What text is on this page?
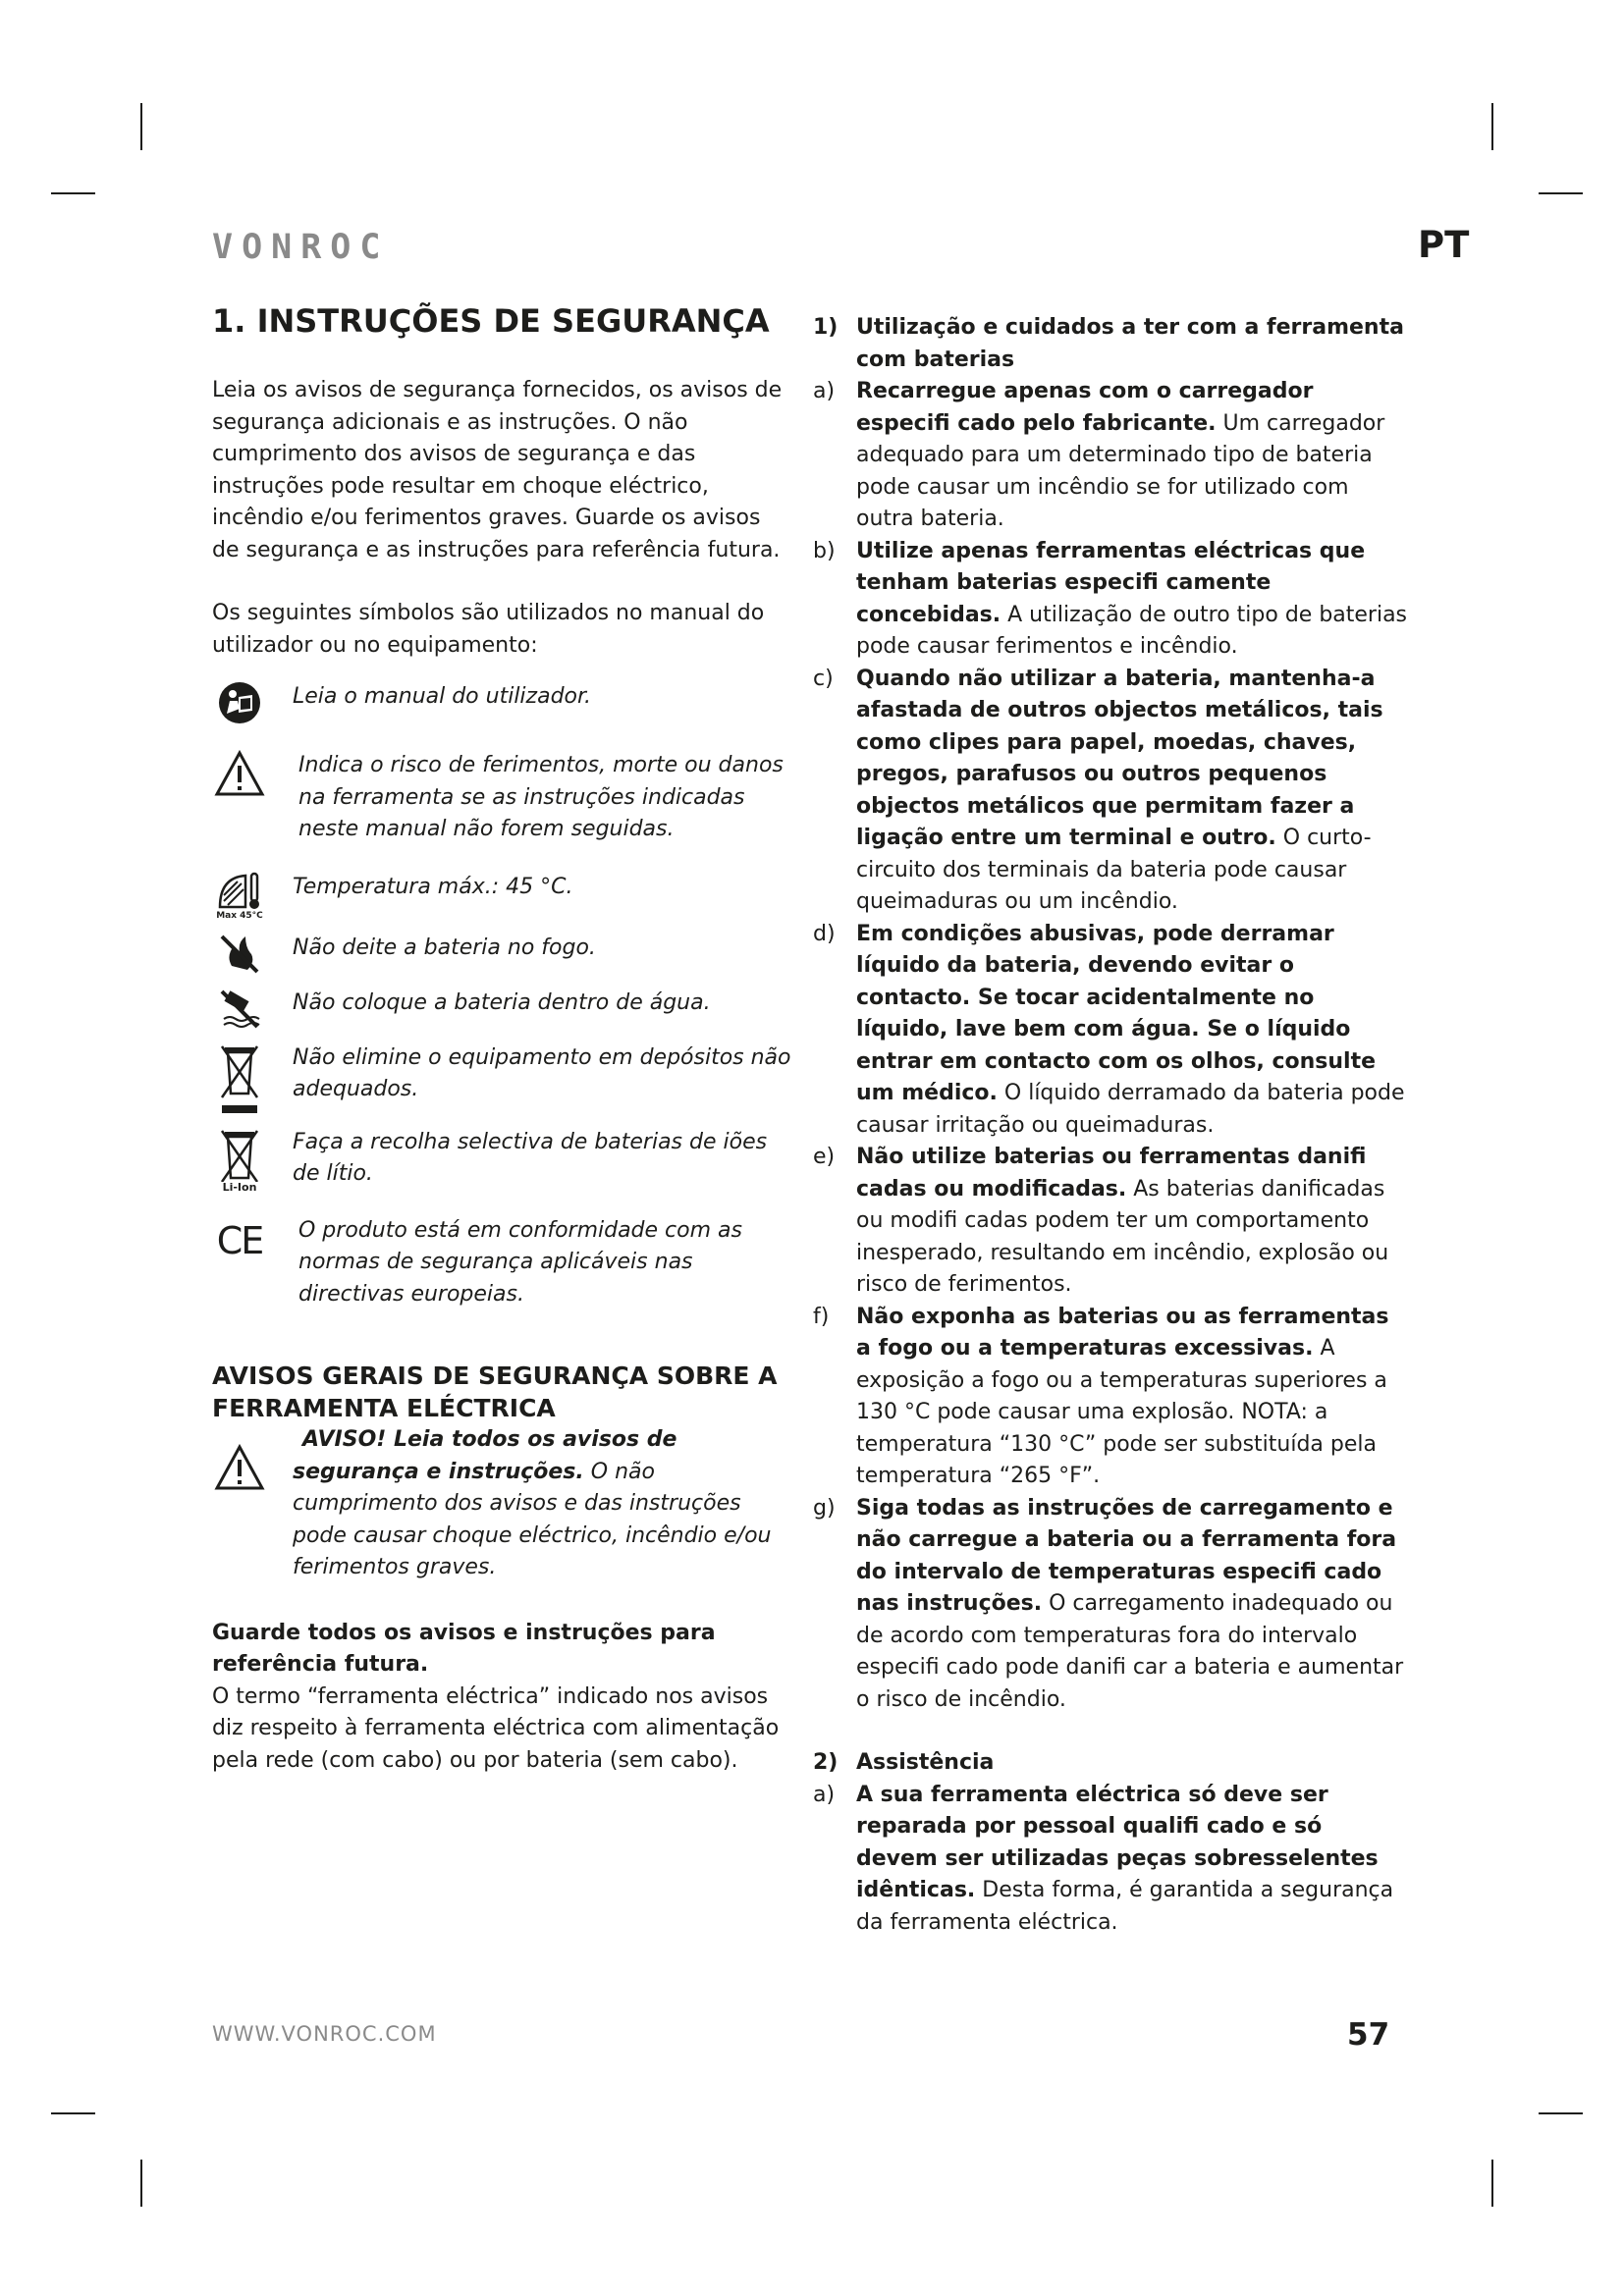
VONROC	PT
1. INSTRUÇÕES DE SEGURANÇA

Leia os avisos de segurança fornecidos, os avisos de segurança adicionais e as instruções. O não cumprimento dos avisos de segurança e das instruções pode resultar em choque eléctrico, incêndio e/ou ferimentos graves. Guarde os avisos de segurança e as instruções para referência futura.

Os seguintes símbolos são utilizados no manual do utilizador ou no equipamento:

Leia o manual do utilizador.
Indica o risco de ferimentos, morte ou danos na ferramenta se as instruções indicadas neste manual não forem seguidas.
Max 45°C
Temperatura máx.: 45 °C.
Não deite a bateria no fogo.
Não coloque a bateria dentro de água.
Não elimine o equipamento em depósitos não adequados.
Li-Ion
Faça a recolha selectiva de baterias de iões de lítio.
CE O produto está em conformidade com as normas de segurança aplicáveis nas directivas europeias.
AVISOS GERAIS DE SEGURANÇA SOBRE A FERRAMENTA ELÉCTRICA
AVISO! Leia todos os avisos de segurança e instruções. O não cumprimento dos avisos e das instruções pode causar choque eléctrico, incêndio e/ou ferimentos graves.

Guarde todos os avisos e instruções para referência futura.

O termo “ferramenta eléctrica” indicado nos avisos diz respeito à ferramenta eléctrica com alimentação pela rede (com cabo) ou por bateria (sem cabo).

1) Utilização e cuidados a ter com a ferramenta com baterias
a) Recarregue apenas com o carregador especifi cado pelo fabricante. Um carregador adequado para um determinado tipo de bateria pode causar um incêndio se for utilizado com outra bateria.
b) Utilize apenas ferramentas eléctricas que tenham baterias especifi camente concebidas. A utilização de outro tipo de baterias pode causar ferimentos e incêndio.
c)	Quando não utilizar a bateria, mantenha-a afastada de outros objectos metálicos, tais como clipes para papel, moedas, chaves, pregos, parafusos ou outros pequenos objectos metálicos que permitam fazer a ligação entre um terminal e outro. O curto-circuito dos terminais da bateria pode causar queimaduras ou um incêndio.
d) Em condições abusivas, pode derramar líquido da bateria, devendo evitar o contacto. Se tocar acidentalmente no líquido, lave bem com água. Se o líquido entrar em contacto com os olhos, consulte um médico. O líquido derramado da bateria pode causar irritação ou queimaduras.
e) Não utilize baterias ou ferramentas danifi cadas ou modificadas. As baterias danificadas ou modifi cadas podem ter um comportamento inesperado, resultando em incêndio, explosão ou risco de ferimentos.
f)	Não exponha as baterias ou as ferramentas a fogo ou a temperaturas excessivas. A exposição a fogo ou a temperaturas superiores a 130 °C pode causar uma explosão. NOTA: a temperatura “130 °C” pode ser substituída pela temperatura “265 °F”.
g) Siga todas as instruções de carregamento e não carregue a bateria ou a ferramenta fora do intervalo de temperaturas especifi cado nas instruções. O carregamento inadequado ou de acordo com temperaturas fora do intervalo especifi cado pode danifi car a bateria e aumentar o risco de incêndio.
2) Assistência
a) A sua ferramenta eléctrica só deve ser reparada por pessoal qualifi cado e só devem ser utilizadas peças sobresselentes idênticas. Desta forma, é garantida a segurança da ferramenta eléctrica.
WWW.VONROC.COM	57
